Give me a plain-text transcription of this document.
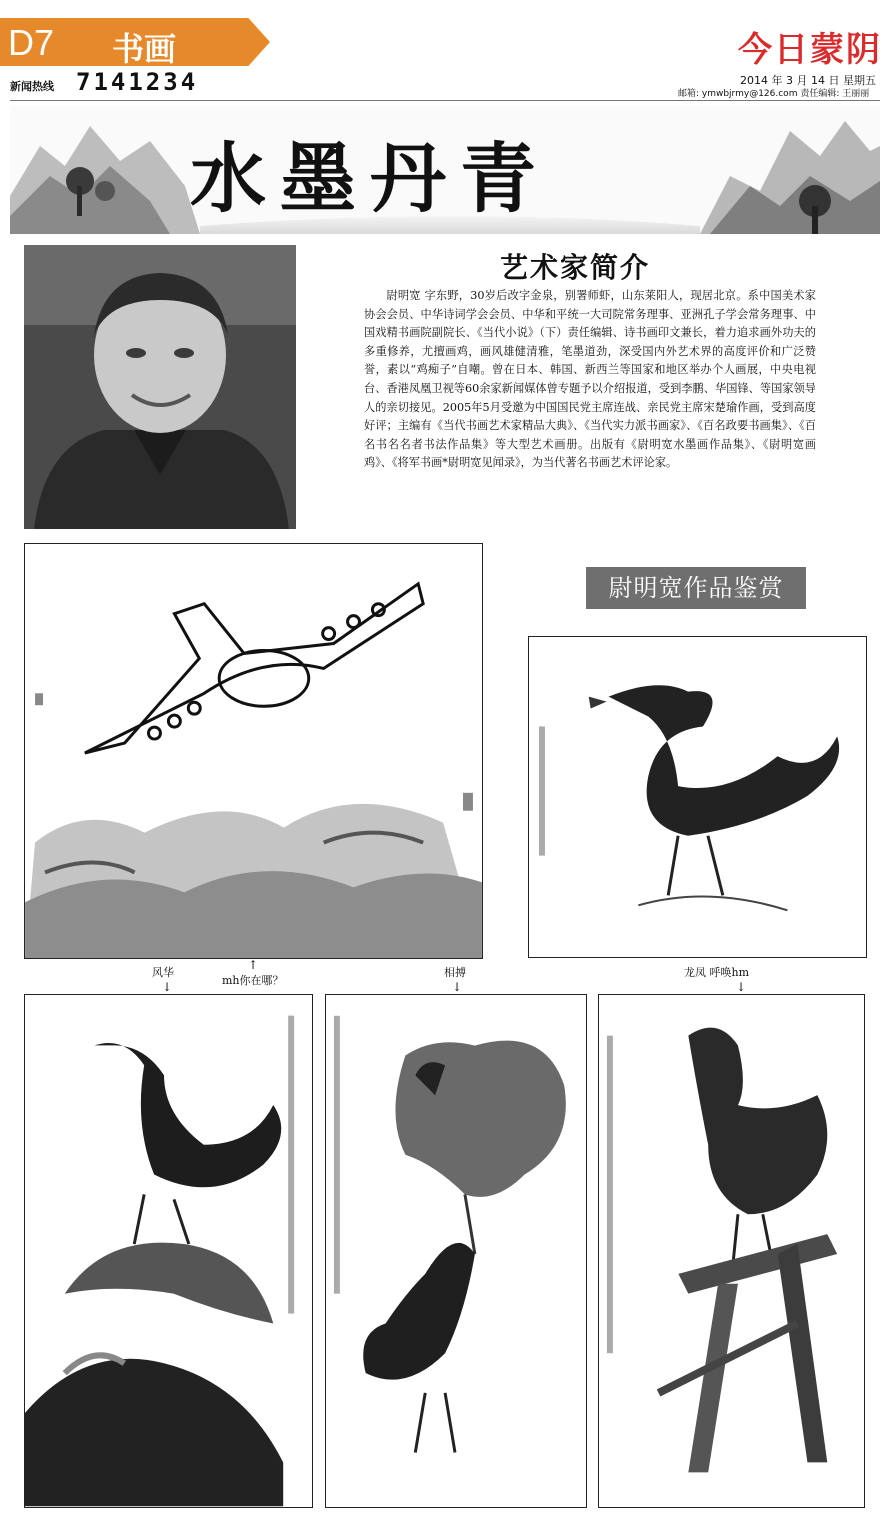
D7 书画
新闻热线 7141234
今日蒙阴
2014 年 3 月 14 日 星期五
邮箱: ymwbjrmy@126.com 责任编辑: 王丽丽
水墨丹青
艺术家简介
尉明宽 字东野，30岁后改字金泉，别署师虾，山东莱阳人，现居北京。系中国美术家协会会员、中华诗词学会会员、中华和平统一大司院常务理事、亚洲孔子学会常务理事、中国戏精书画院副院长、《当代小说》（下）责任编辑、诗书画印文兼长，着力追求画外功夫的多重修养，尤擅画鸡，画风雄健清雅，笔墨道劲，深受国内外艺术界的高度评价和广泛赞誉，素以“鸡痴子”自嘲。曾在日本、韩国、新西兰等国家和地区举办个人画展，中央电视台、香港凤凰卫视等60余家新闻媒体曾专题予以介绍报道，受到李鹏、华国锋、等国家领导人的亲切接见。2005年5月受邀为中国国民党主席连战、亲民党主席宋楚瑜作画，受到高度好评；主编有《当代书画艺术家精品大典》、《当代实力派书画家》、《百名政要书画集》、《百名书名名者书法作品集》等大型艺术画册。出版有《尉明宽水墨画作品集》、《尉明宽画鸡》、《将军书画*尉明宽见闻录》，为当代著名书画艺术评论家。
尉明宽作品鉴赏
风华
↓
↑
mh你在哪？
相搏
↓
龙凤 呼唤hm
↓
